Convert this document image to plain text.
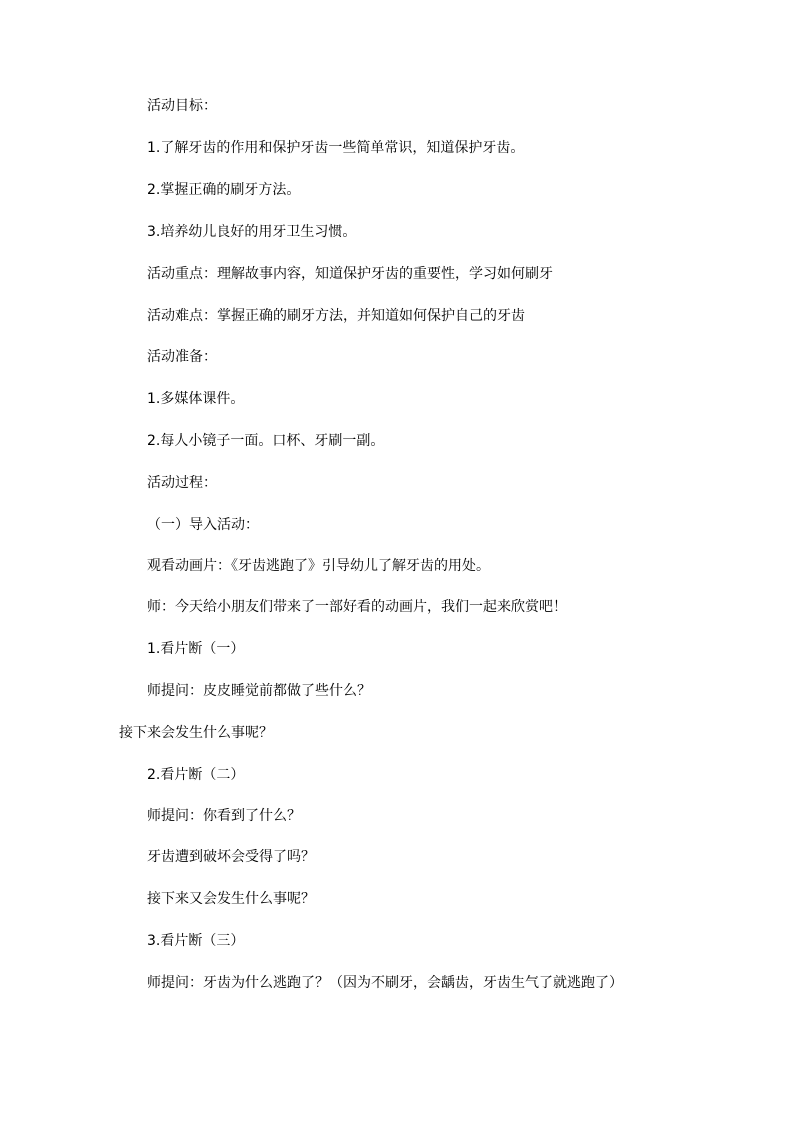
活动目标：
1.了解牙齿的作用和保护牙齿一些简单常识，知道保护牙齿。
2.掌握正确的刷牙方法。
3.培养幼儿良好的用牙卫生习惯。
活动重点：理解故事内容，知道保护牙齿的重要性，学习如何刷牙
活动难点：掌握正确的刷牙方法，并知道如何保护自己的牙齿
活动准备：
1.多媒体课件。
2.每人小镜子一面。口杯、牙刷一副。
活动过程：
（一）导入活动：
观看动画片：《牙齿逃跑了》引导幼儿了解牙齿的用处。
师：今天给小朋友们带来了一部好看的动画片，我们一起来欣赏吧！
1.看片断（一）
师提问：皮皮睡觉前都做了些什么？
接下来会发生什么事呢？
2.看片断（二）
师提问：你看到了什么？
牙齿遭到破坏会受得了吗？
接下来又会发生什么事呢？
3.看片断（三）
师提问：牙齿为什么逃跑了？（因为不刷牙，会龋齿，牙齿生气了就逃跑了）
